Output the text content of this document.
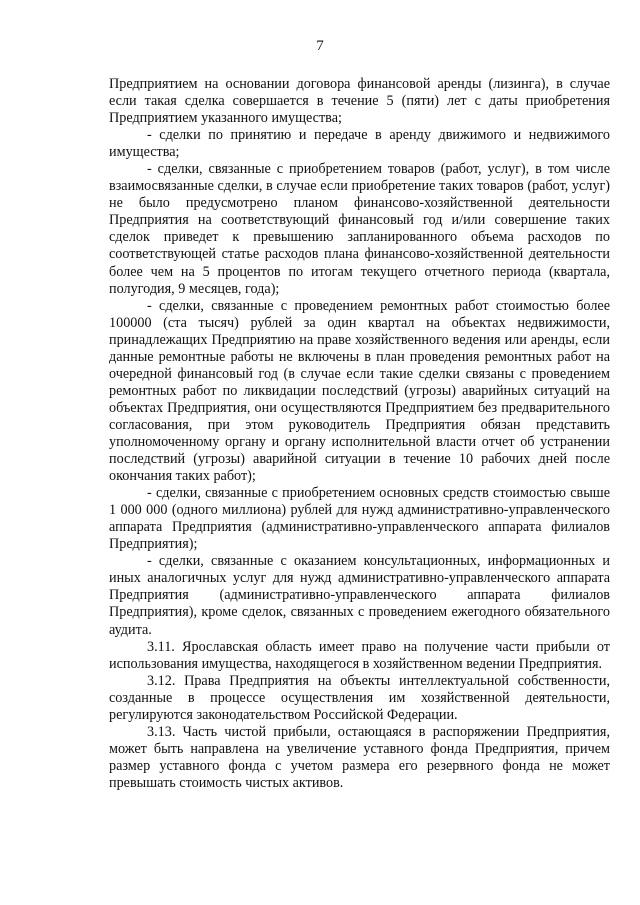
7

Предприятием на основании договора финансовой аренды (лизинга), в случае если такая сделка совершается в течение 5 (пяти) лет с даты приобретения Предприятием указанного имущества;

- сделки по принятию и передаче в аренду движимого и недвижимого имущества;

- сделки, связанные с приобретением товаров (работ, услуг), в том числе взаимосвязанные сделки, в случае если приобретение таких товаров (работ, услуг) не было предусмотрено планом финансово-хозяйственной деятельности Предприятия на соответствующий финансовый год и/или совершение таких сделок приведет к превышению запланированного объема расходов по соответствующей статье расходов плана финансово-хозяйственной деятельности более чем на 5 процентов по итогам текущего отчетного периода (квартала, полугодия, 9 месяцев, года);

- сделки, связанные с проведением ремонтных работ стоимостью более 100000 (ста тысяч) рублей за один квартал на объектах недвижимости, принадлежащих Предприятию на праве хозяйственного ведения или аренды, если данные ремонтные работы не включены в план проведения ремонтных работ на очередной финансовый год (в случае если такие сделки связаны с проведением ремонтных работ по ликвидации последствий (угрозы) аварийных ситуаций на объектах Предприятия, они осуществляются Предприятием без предварительного согласования, при этом руководитель Предприятия обязан представить уполномоченному органу и органу исполнительной власти отчет об устранении последствий (угрозы) аварийной ситуации в течение 10 рабочих дней после окончания таких работ);

- сделки, связанные с приобретением основных средств стоимостью свыше 1 000 000 (одного миллиона) рублей для нужд административно-управленческого аппарата Предприятия (административно-управленческого аппарата филиалов Предприятия);

- сделки, связанные с оказанием консультационных, информационных и иных аналогичных услуг для нужд административно-управленческого аппарата Предприятия (административно-управленческого аппарата филиалов Предприятия), кроме сделок, связанных с проведением ежегодного обязательного аудита.

3.11. Ярославская область имеет право на получение части прибыли от использования имущества, находящегося в хозяйственном ведении Предприятия.

3.12. Права Предприятия на объекты интеллектуальной собственности, созданные в процессе осуществления им хозяйственной деятельности, регулируются законодательством Российской Федерации.

3.13. Часть чистой прибыли, остающаяся в распоряжении Предприятия, может быть направлена на увеличение уставного фонда Предприятия, причем размер уставного фонда с учетом размера его резервного фонда не может превышать стоимость чистых активов.
